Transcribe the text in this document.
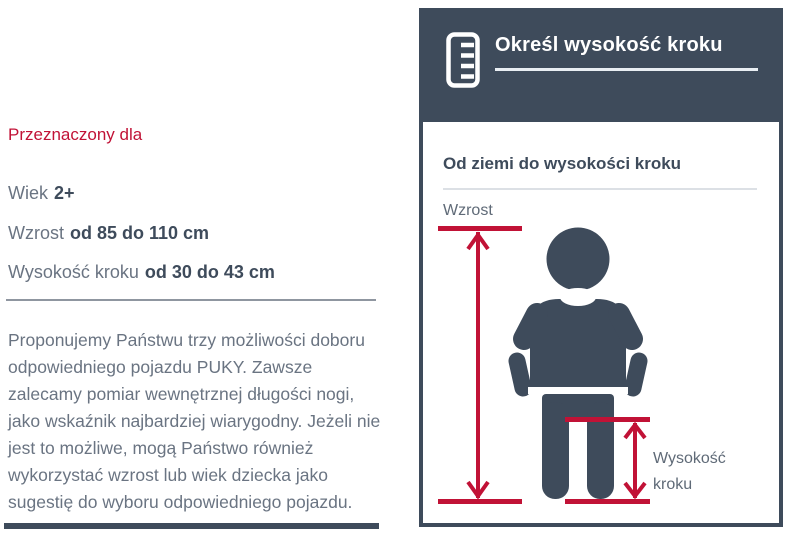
Przeznaczony dla
Wiek 2+
Wzrost od 85 do 110 cm
Wysokość kroku od 30 do 43 cm

Proponujemy Państwu trzy możliwości doboru odpowiedniego pojazdu PUKY. Zawsze zalecamy pomiar wewnętrznej długości nogi, jako wskaźnik najbardziej wiarygodny. Jeżeli nie jest to możliwe, mogą Państwo również wykorzystać wzrost lub wiek dziecka jako sugestię do wyboru odpowiedniego pojazdu.

Określ wysokość kroku
Od ziemi do wysokości kroku
Wzrost
Wysokość
kroku
